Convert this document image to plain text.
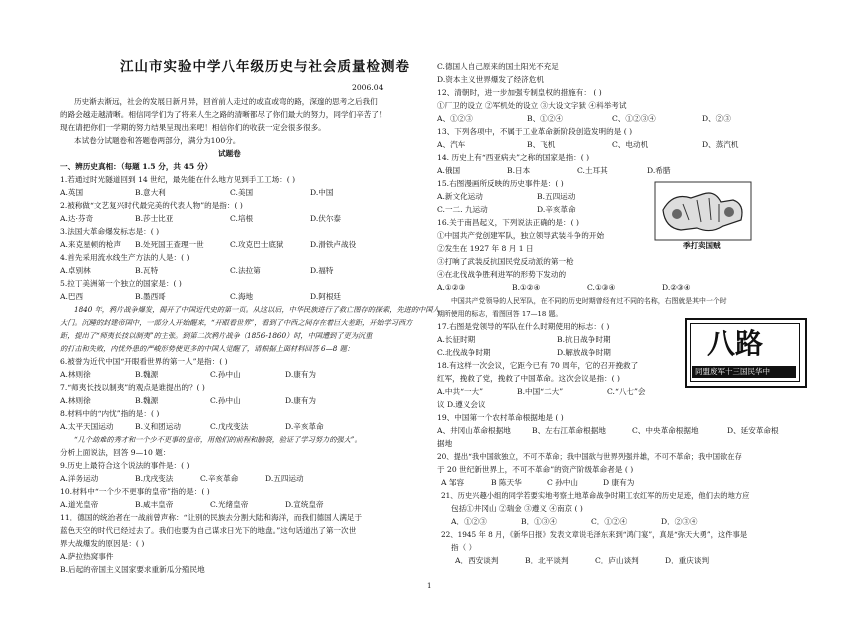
2006.04
江山市实验中学八年级历史与社会质量检测卷
历史渐去渐远，社会的发展日新月异，回首前人走过的或直或弯的路，深邃的思考之后我们
的路会越走越清晰。相信同学们为了将来人生之路的清晰都尽了你们最大的努力，同学们辛苦了！
现在请把你们一学期的努力结果呈现出来吧！相信你们的收获一定会很多很多。
本试卷分试题卷和答题卷两部分，满分为100分。
试题卷
一、辨历史真相：（每题 1.5 分，共 45 分）
1.若通过时光隧道回到 14 世纪，最先能在什么地方见到手工工场：( )
A.英国	B.意大利	C.美国	D.中国
2.被称做“文艺复兴时代最完美的代表人物”的是指：( )
A.达·芬奇	B.莎士比亚	C.培根	D.伏尔泰
3.法国大革命爆发标志是：( )
A.来克星顿的枪声 B.处死国王查理一世	C.攻克巴士底狱	D.滑铁卢战役
4.首先采用流水线生产方法的人是：( )
A.卓别林	B.瓦特	C.法拉第	D.福特
5.拉丁美洲第一个独立的国家是：( )
A.巴西	B.墨西哥	C.海地	D.阿根廷
1840 年，鸦片战争爆发，揭开了中国近代史的第一页。从这以后，中华民族进行了救亡图存的探索，先进的中国人
大门。沉睡的封建帝国中，一部分人开始醒来，“开眼看世界”，看到了中西之间存在着巨大差距，开始学习西方
距，提出了“师夷长技以制夷”的主张。到第二次鸦片战争（1856-1860）时，中国遭到了更为沉重
的打击和失败，内忧外患的严峻形势使更多的中国人觉醒了，请根据上面材料回答 6—8 题：
6.被誉为近代中国“开眼看世界的第一人”是指：( )
A.林则徐	B.魏源	C.孙中山	D.康有为
7.“师夷长技以制夷”的观点是谁提出的？( )
A.林则徐	B.魏源	C.孙中山	D.康有为
8.材料中的“内忧”指的是：( )
A.太平天国运动	B.义和团运动	C.戊戌变法	D.辛亥革命
“几个劫难的秀才和一个少不更事的皇帝，用他们的前程和脑袋，验证了学习努力的强大”。
分析上面说法，回答 9—10 题：
9.历史上最符合这个说法的事件是：( )
A.洋务运动	B.戊戌变法	C.辛亥革命	D.五四运动
10.材料中“一个少不更事的皇帝”指的是：( )
A.道光皇帝	B.咸丰皇帝	C.光绪皇帝	D.宣统皇帝
11．德国的统治者在一战前曾声称：“让别的民族去分割大陆和海洋，而我们德国人满足于
蓝色天空的时代已经过去了。我们也要为自己谋求日光下的地盘。”这句话道出了第一次世
界大战爆发的原因是：( )
A.萨拉热窝事件
B.后起的帝国主义国家要求重新瓜分殖民地
C.德国人自己原来的国土阳光不充足
D.资本主义世界爆发了经济危机
12、清朝时，进一步加强专制皇权的措施有： ( )
①厂卫的设立 ②军机处的设立 ③大设文字狱 ④科举考试
A、①②③	B、①②④	C、①②③④	D、②③
13、下列各项中，不属于工业革命新阶段创造发明的是 ( )
A、汽车	B、飞机	C、电动机	D、蒸汽机
14. 历史上有“西亚病夫”之称的国家是指：( )
A.俄国	B.日本	C.土耳其	D.希腊
15.右图漫画所反映的历史事件是：( )
A.新文化运动	B.五四运动
C.一二. 九运动	D.辛亥革命
16.关于南昌起义，下列说法正确的是：( )
①中国共产党创建军队，独立领导武装斗争的开始
②发生在 1927 年 8 月 1 日
③打响了武装反抗国民党反动派的第一枪
④在北伐战争胜利进军的形势下发动的
A.①②③	B.①②④	C.①③④	D.②③④
季打卖国贼
中国共产党领导的人民军队，在不同的历史时期曾经有过不同的名称，右图就是其中一个时
期所使用的标志，看图回答 17—18 题。
17.右图是党领导的军队在什么时期使用的标志：( )
A.长征时期	B.抗日战争时期
C.北伐战争时期	D.解放战争时期	八路
同盟废军十三国民华中
18.有这样一次会议，它距今已有 70 周年，它的召开挽救了
红军，挽救了党，挽救了中国革命。这次会议是指：( )
A.中共“一大”	B.中国“二大”	C.“八七”会
议 D.遵义会议
19、中国第一个农村革命根据地是 ( )
A、井冈山革命根据地	B、左右江革命根据地	C、中央革命根据地	D、延安革命根
据地
20、提出“我中国欲独立，不可不革命；我中国欲与世界列强并雄，不可不革命；我中国欲在存
于 20 世纪新世界上，不可不革命”的资产阶级革命者是 ( )
A 邹容	B 陈天华	C 孙中山	D 康有为
21、历史兴趣小组的同学若要实地考察土地革命战争时期工农红军的历史足迹，他们去的地方应
包括①井冈山 ②瑞金 ③遵义 ④南京 ( )
A．①②③	B．①③④	C．①②④	D．②③④
22、1945 年 8 月，《新华日报》发表文章说毛泽东来到“鸿门宴”，真是“弥天大勇”，这件事是
指（ ）
A．西安谈判	B．北平谈判	C．庐山谈判	D．重庆谈判
1
